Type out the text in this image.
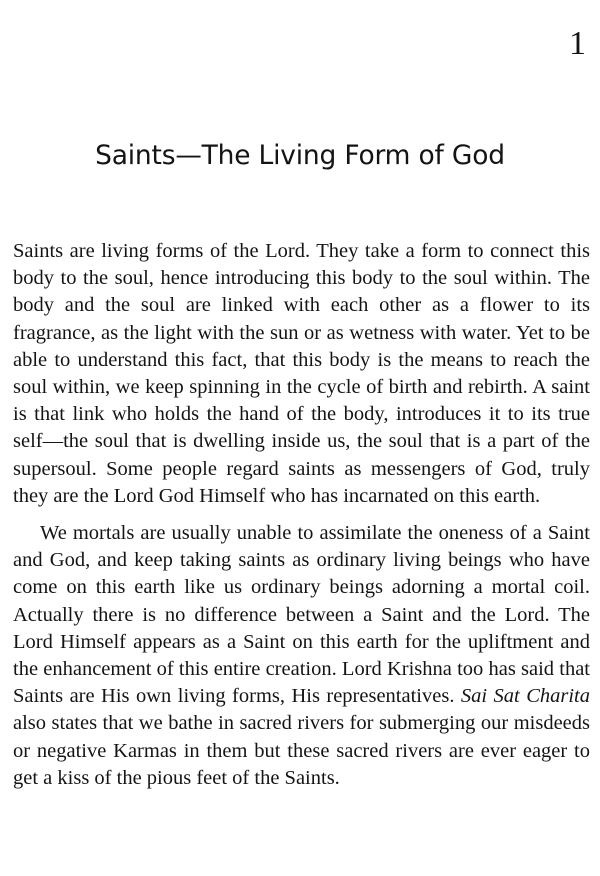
1
Saints—The Living Form of God

Saints are living forms of the Lord. They take a form to connect this body to the soul, hence introducing this body to the soul within. The body and the soul are linked with each other as a flower to its fragrance, as the light with the sun or as wetness with water. Yet to be able to understand this fact, that this body is the means to reach the soul within, we keep spinning in the cycle of birth and rebirth. A saint is that link who holds the hand of the body, introduces it to its true self—the soul that is dwelling inside us, the soul that is a part of the supersoul. Some people regard saints as messengers of God, truly they are the Lord God Himself who has incarnated on this earth.

We mortals are usually unable to assimilate the oneness of a Saint and God, and keep taking saints as ordinary living beings who have come on this earth like us ordinary beings adorning a mortal coil. Actually there is no difference between a Saint and the Lord. The Lord Himself appears as a Saint on this earth for the upliftment and the enhancement of this entire creation. Lord Krishna too has said that Saints are His own living forms, His representatives. Sai Sat Charita also states that we bathe in sacred rivers for submerging our misdeeds or negative Karmas in them but these sacred rivers are ever eager to get a kiss of the pious feet of the Saints.
